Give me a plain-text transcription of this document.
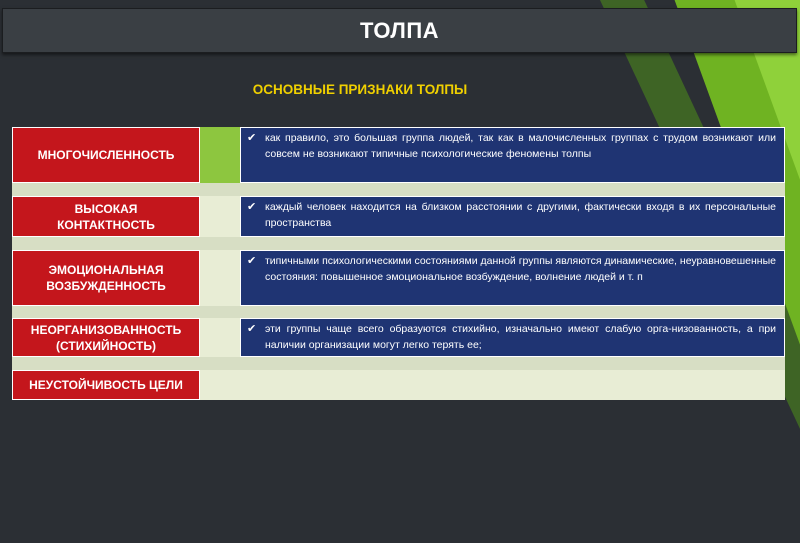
ТОЛПА
ОСНОВНЫЕ ПРИЗНАКИ ТОЛПЫ
МНОГОЧИСЛЕННОСТЬ
✔ как правило, это большая группа людей, так как в малочисленных группах с трудом возникают или совсем не возникают типичные психологические феномены толпы
ВЫСОКАЯ КОНТАКТНОСТЬ
✔ каждый человек находится на близком расстоянии с другими, фактически входя в их персональные пространства
ЭМОЦИОНАЛЬНАЯ ВОЗБУЖДЕННОСТЬ
✔ типичными психологическими состояниями данной группы являются динамические, неуравновешенные состояния: повышенное эмоциональное возбуждение, волнение людей и т. п
НЕОРГАНИЗОВАННОСТЬ (СТИХИЙНОСТЬ)
✔ эти группы чаще всего образуются стихийно, изначально имеют слабую орга-низованность, а при наличии организации могут легко терять ее;
НЕУСТОЙЧИВОСТЬ ЦЕЛИ
